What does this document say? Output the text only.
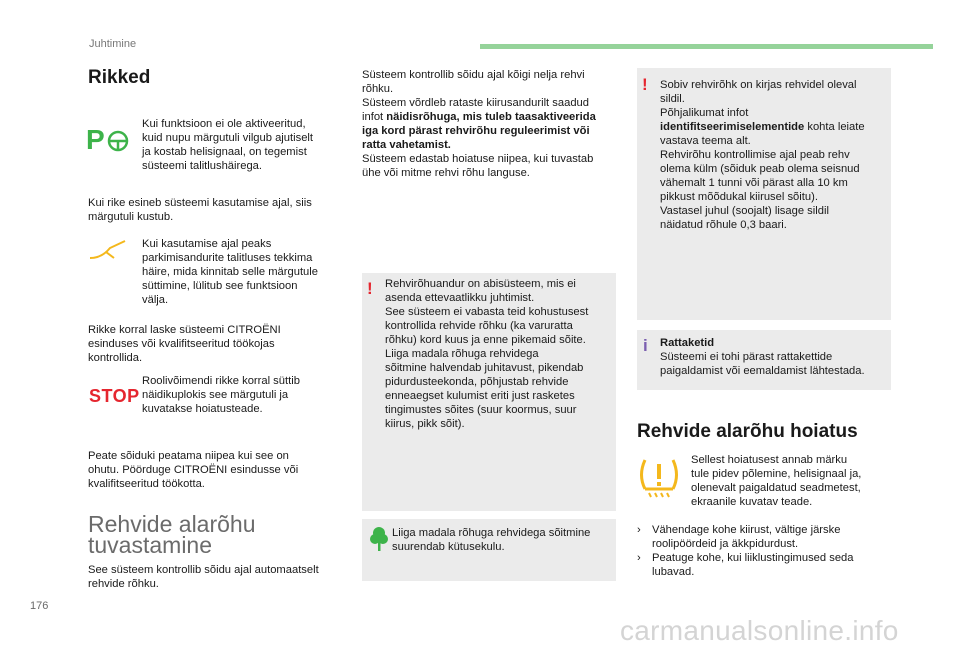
Juhtimine
Rikked
P	Kui funktsioon ei ole aktiveeritud,
kuid nupu märgutuli vilgub ajutiselt
ja kostab helisignaal, on tegemist
süsteemi talitlushäirega.
Kui rike esineb süsteemi kasutamise ajal, siis
märgutuli kustub.
Kui kasutamise ajal peaks
parkimisandurite talitluses tekkima
häire, mida kinnitab selle märgutule
süttimine, lülitub see funktsioon
välja.
Rikke korral laske süsteemi CITROËNI
esinduses või kvalifitseeritud töökojas
kontrollida.
STOP
Roolivõimendi rikke korral süttib
näidikuplokis see märgutuli ja
kuvatakse hoiatusteade.
Peate sõiduki peatama niipea kui see on
ohutu. Pöörduge CITROËNI esindusse või
kvalifitseeritud töökotta.
Rehvide alarõhu
tuvastamine
See süsteem kontrollib sõidu ajal automaatselt
rehvide rõhku.
Süsteem kontrollib sõidu ajal kõigi nelja rehvi
rõhku.
Süsteem võrdleb rataste kiirusandurilt saadud
infot näidisrõhuga, mis tuleb taasaktiveerida
iga kord pärast rehvirõhu reguleerimist või
ratta vahetamist.
Süsteem edastab hoiatuse niipea, kui tuvastab
ühe või mitme rehvi rõhu languse.
! Rehvirõhuandur on abisüsteem, mis ei
asenda ettevaatlikku juhtimist.
See süsteem ei vabasta teid kohustusest
kontrollida rehvide rõhku (ka varuratta
rõhku) kord kuus ja enne pikemaid sõite.
Liiga madala rõhuga rehvidega
sõitmine halvendab juhitavust, pikendab
pidurdusteekonda, põhjustab rehvide
enneaegset kulumist eriti just rasketes
tingimustes sõites (suur koormus, suur
kiirus, pikk sõit).
Liiga madala rõhuga rehvidega sõitmine
suurendab kütusekulu.
! Sobiv rehvirõhk on kirjas rehvidel oleval
sildil.
Põhjalikumat infot
identifitseerimiselementide kohta leiate
vastava teema alt.
Rehvirõhu kontrollimise ajal peab rehv
olema külm (sõiduk peab olema seisnud
vähemalt 1 tunni või pärast alla 10 km
pikkust mõõdukal kiirusel sõitu).
Vastasel juhul (soojalt) lisage sildil
näidatud rõhule 0,3 baari.
i Rattaketid
Süsteemi ei tohi pärast rattakettide
paigaldamist või eemaldamist lähtestada.
Rehvide alarõhu hoiatus
Sellest hoiatusest annab märku
tule pidev põlemine, helisignaal ja,
olenevalt paigaldatud seadmetest,
ekraanile kuvatav teade.
›	Vähendage kohe kiirust, vältige järske
roolipöördeid ja äkkpidurdust.
›	Peatuge kohe, kui liiklustingimused seda
lubavad.
176
carmanualsonline.info
